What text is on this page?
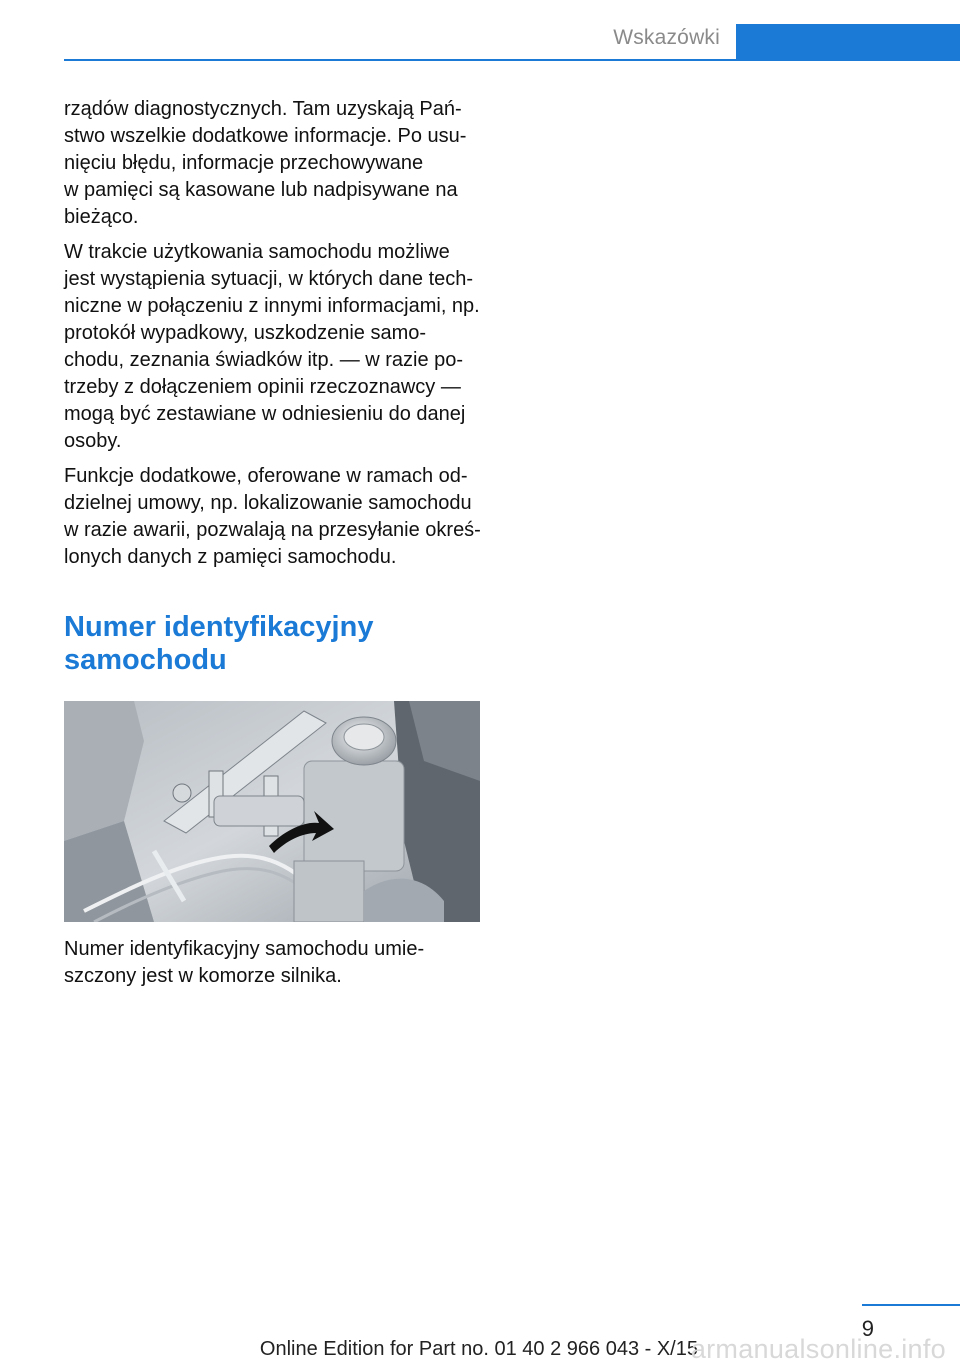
Wskazówki

rządów diagnostycznych. Tam uzyskają Pań‐
stwo wszelkie dodatkowe informacje. Po usu‐
nięciu błędu, informacje przechowywane
w pamięci są kasowane lub nadpisywane na
bieżąco.

W trakcie użytkowania samochodu możliwe
jest wystąpienia sytuacji, w których dane tech‐
niczne w połączeniu z innymi informacjami, np.
protokół wypadkowy, uszkodzenie samo‐
chodu, zeznania świadków itp. — w razie po‐
trzeby z dołączeniem opinii rzeczoznawcy —
mogą być zestawiane w odniesieniu do danej
osoby.

Funkcje dodatkowe, oferowane w ramach od‐
dzielnej umowy, np. lokalizowanie samochodu
w razie awarii, pozwalają na przesyłanie okreś‐
lonych danych z pamięci samochodu.

Numer identyfikacyjny
samochodu

Numer identyfikacyjny samochodu umie‐
szczony jest w komorze silnika.

9
Online Edition for Part no. 01 40 2 966 043 - X/15
armanualsonline.info
